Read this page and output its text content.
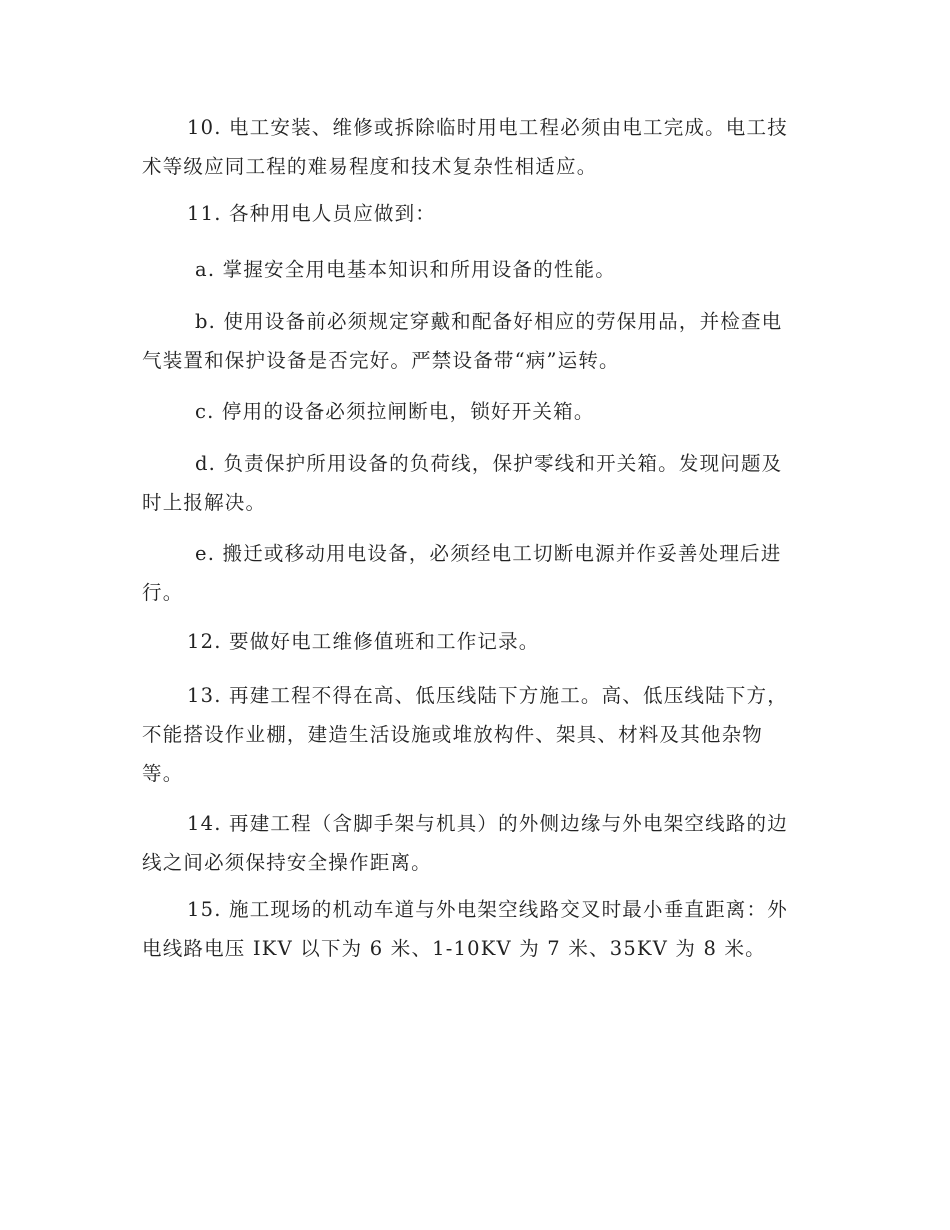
10. 电工安装、维修或拆除临时用电工程必须由电工完成。电工技术等级应同工程的难易程度和技术复杂性相适应。

11. 各种用电人员应做到：

a. 掌握安全用电基本知识和所用设备的性能。

b. 使用设备前必须规定穿戴和配备好相应的劳保用品，并检查电气装置和保护设备是否完好。严禁设备带“病”运转。

c. 停用的设备必须拉闸断电，锁好开关箱。

d. 负责保护所用设备的负荷线，保护零线和开关箱。发现问题及时上报解决。

e. 搬迁或移动用电设备，必须经电工切断电源并作妥善处理后进行。

12. 要做好电工维修值班和工作记录。

13. 再建工程不得在高、低压线陆下方施工。高、低压线陆下方，不能搭设作业棚，建造生活设施或堆放构件、架具、材料及其他杂物等。

14. 再建工程（含脚手架与机具）的外侧边缘与外电架空线路的边线之间必须保持安全操作距离。

15. 施工现场的机动车道与外电架空线路交叉时最小垂直距离：外电线路电压 IKV 以下为 6 米、1-10KV 为 7 米、35KV 为 8 米。
